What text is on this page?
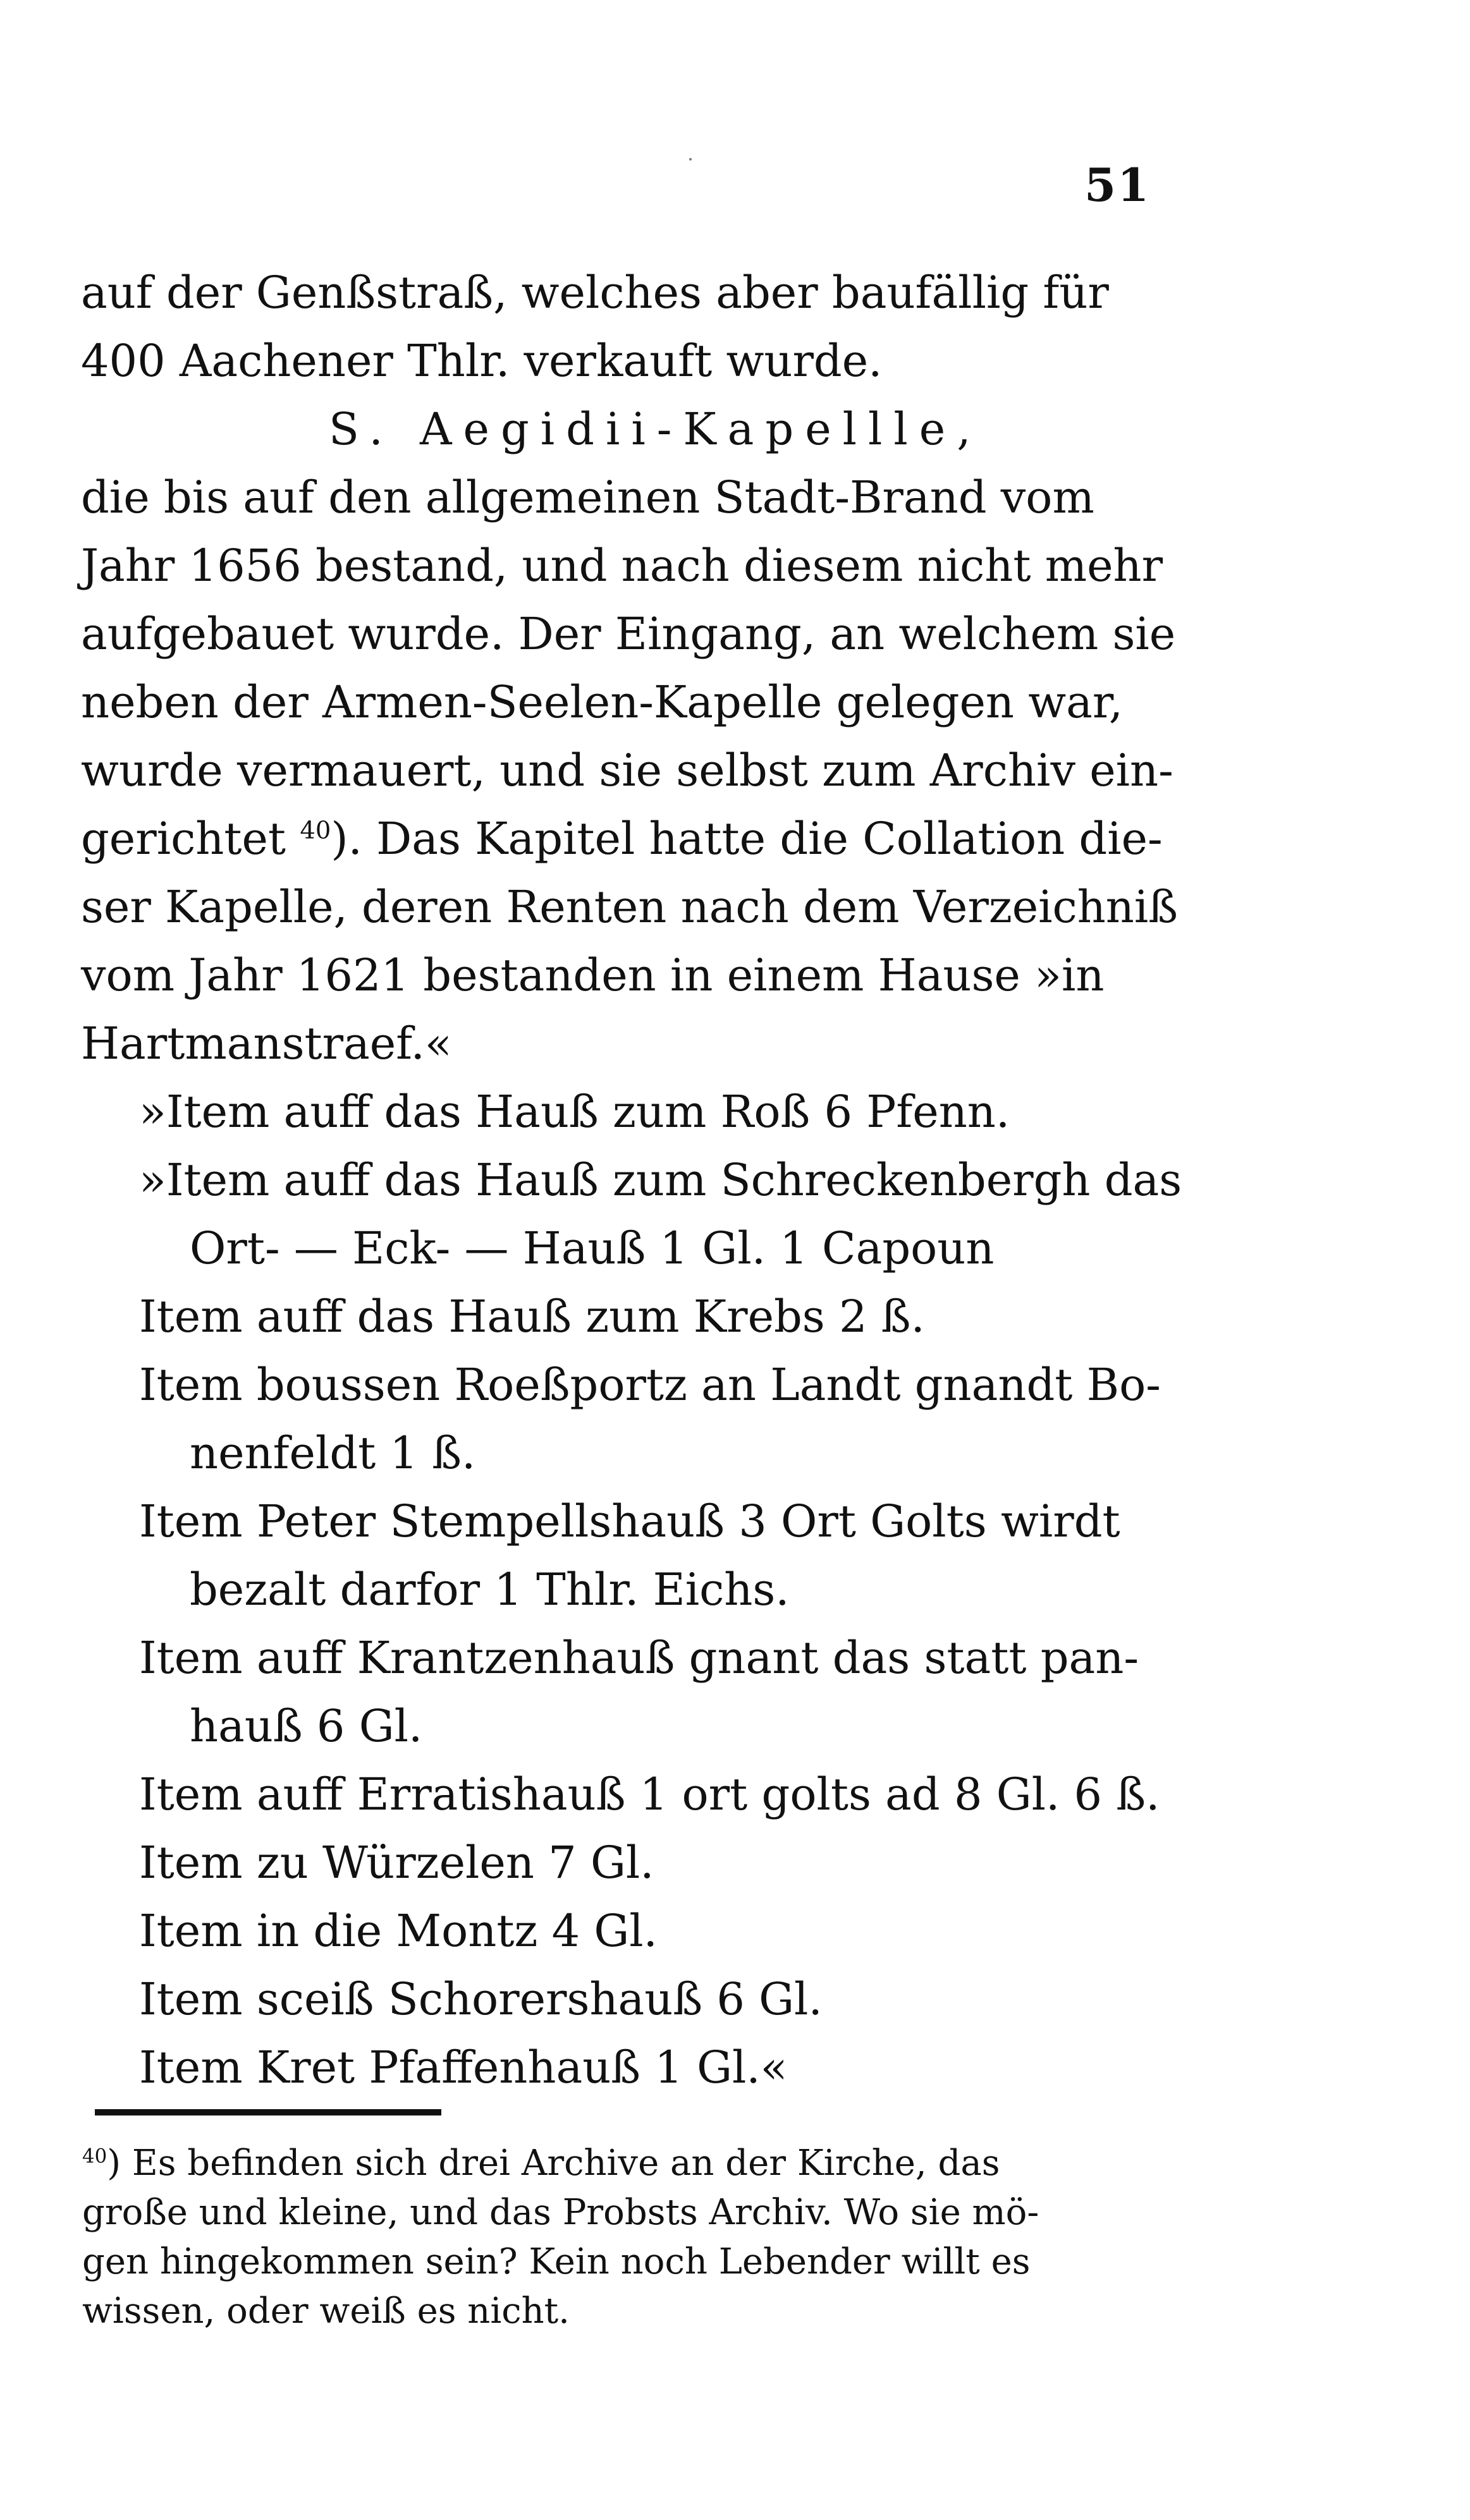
51
auf der Genßstraß, welches aber baufällig für
400 Aachener Thlr. verkauft wurde.
S. Aegidii-Kapellle,
die bis auf den allgemeinen Stadt-Brand vom
Jahr 1656 bestand, und nach diesem nicht mehr
aufgebauet wurde. Der Eingang, an welchem sie
neben der Armen-Seelen-Kapelle gelegen war,
wurde vermauert, und sie selbst zum Archiv ein-
gerichtet $^{40}$). Das Kapitel hatte die Collation die-
ser Kapelle, deren Renten nach dem Verzeichniß
vom Jahr 1621 bestanden in einem Hause »in
Hartmanstraef.«
»Item auff das Hauß zum Roß 6 Pfenn.
»Item auff das Hauß zum Schreckenbergh das
Ort- — Eck- — Hauß 1 Gl. 1 Capoun
Item auff das Hauß zum Krebs 2 ß.
Item boussen Roeßportz an Landt gnandt Bo-
nenfeldt 1 ß.
Item Peter Stempellshauß 3 Ort Golts wirdt
bezalt darfor 1 Thlr. Eichs.
Item auff Krantzenhauß gnant das statt pan-
hauß 6 Gl.
Item auff Erratishauß 1 ort golts ad 8 Gl. 6 ß.
Item zu Würzelen 7 Gl.
Item in die Montz 4 Gl.
Item sceiß Schorershauß 6 Gl.
Item Kret Pfaffenhauß 1 Gl.«
$^{40}$) Es befinden sich drei Archive an der Kirche, das
große und kleine, und das Probsts Archiv. Wo sie mö-
gen hingekommen sein? Kein noch Lebender willt es
wissen, oder weiß es nicht.
